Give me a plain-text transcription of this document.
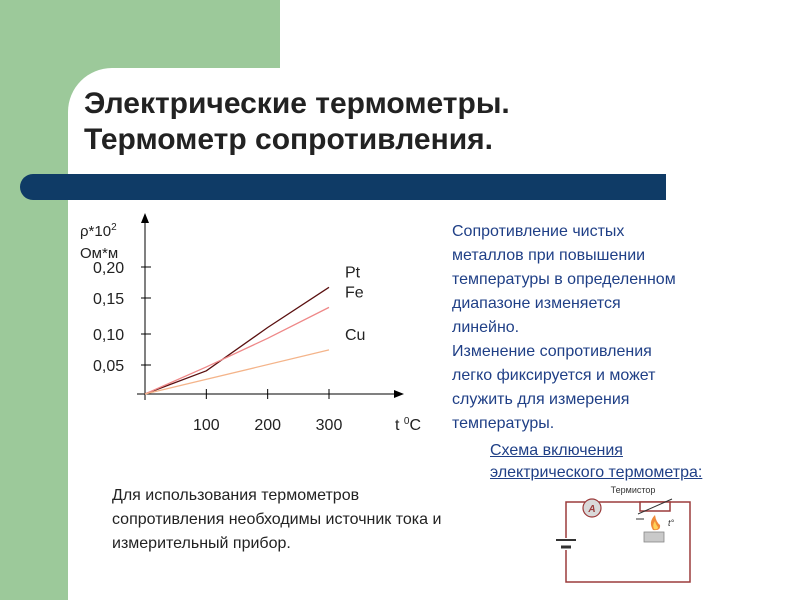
Электрические термометры.
Термометр сопротивления.
0,20
0,15
0,10
0,05
100 200 300
$\rho*10^2$
Ом*м
t $^0$C
Pt
Fe
Cu
Сопротивление чистых
металлов при повышении
температуры в определенном
диапазоне изменяется
линейно.
Изменение сопротивления
легко фиксируется и может
служить для измерения
температуры.

Для использования термометров сопротивления необходимы источник тока и измерительный прибор.

Схема включения
электрического термометра:
A
Термистор
t°
